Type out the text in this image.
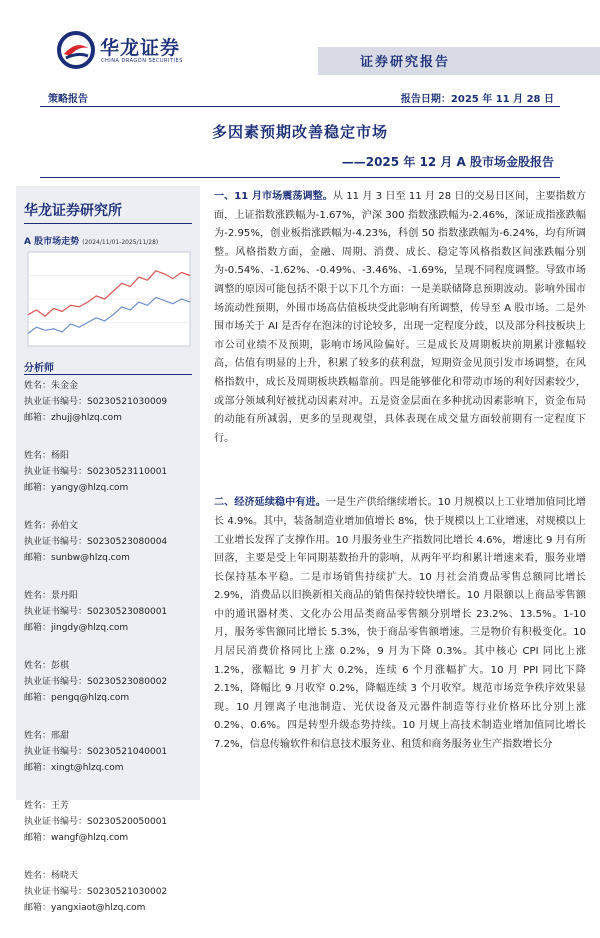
华龙证券
CHINA DRAGON SECURITIES	证券研究报告
策略报告	报告日期：2025 年 11 月 28 日
多因素预期改善稳定市场
——2025 年 12 月 A 股市场金股报告
华龙证券研究所
A 股市场走势 (2024/11/01-2025/11/28)
分析师
姓名：朱金金
执业证书编号：S0230521030009
邮箱：zhujj@hlzq.com
姓名：杨阳
执业证书编号：S0230523110001
邮箱：yangy@hlzq.com
姓名：孙伯文
执业证书编号：S0230523080004
邮箱：sunbw@hlzq.com
姓名：景丹阳
执业证书编号：S0230523080001
邮箱：jingdy@hlzq.com
姓名：彭棋
执业证书编号：S0230523080002
邮箱：pengq@hlzq.com
姓名：邢甜
执业证书编号：S0230521040001
邮箱：xingt@hlzq.com
姓名：王芳
执业证书编号：S0230520050001
邮箱：wangf@hlzq.com
姓名：杨晓天
执业证书编号：S0230521030002
邮箱：yangxiaot@hlzq.com

一、11 月市场震荡调整。从 11 月 3 日至 11 月 28 日的交易日区间，主要指数方面，上证指数涨跌幅为-1.67%，沪深 300 指数涨跌幅为-2.46%，深证成指涨跌幅为-2.95%，创业板指涨跌幅为-4.23%，科创 50 指数涨跌幅为-6.24%，均有所调整。风格指数方面，金融、周期、消费、成长、稳定等风格指数区间涨跌幅分别为-0.54%、-1.62%、-0.49%、-3.46%、-1.69%，呈现不同程度调整。导致市场调整的原因可能包括不限于以下几个方面：一是美联储降息预期波动。影响外围市场流动性预期，外围市场高估值板块受此影响有所调整，传导至 A 股市场。二是外围市场关于 AI 是否存在泡沫的讨论较多，出现一定程度分歧，以及部分科技板块上市公司业绩不及预期，影响市场风险偏好。三是成长及周期板块前期累计涨幅较高，估值有明显的上升，积累了较多的获利盘，短期资金见顶引发市场调整，在风格指数中，成长及周期板块跌幅靠前。四是能够催化和带动市场的利好因素较少，或部分领域利好被扰动因素对冲。五是资金层面在多种扰动因素影响下，资金布局的动能有所减弱，更多的呈现观望，具体表现在成交量方面较前期有一定程度下行。

二、经济延续稳中有进。一是生产供给继续增长。10 月规模以上工业增加值同比增长 4.9%。其中，装备制造业增加值增长 8%，快于规模以上工业增速，对规模以上工业增长发挥了支撑作用。10 月服务业生产指数同比增长 4.6%，增速比 9 月有所回落，主要是受上年同期基数抬升的影响，从两年平均和累计增速来看，服务业增长保持基本平稳。二是市场销售持续扩大。10 月社会消费品零售总额同比增长 2.9%，消费品以旧换新相关商品的销售保持较快增长。10 月限额以上商品零售额中的通讯器材类、文化办公用品类商品零售额分别增长 23.2%、13.5%。1-10 月，服务零售额同比增长 5.3%，快于商品零售额增速。三是物价有积极变化。10 月居民消费价格同比上涨 0.2%，9 月为下降 0.3%。其中核心 CPI 同比上涨 1.2%，涨幅比 9 月扩大 0.2%，连续 6 个月涨幅扩大。10 月 PPI 同比下降 2.1%，降幅比 9 月收窄 0.2%，降幅连续 3 个月收窄。规范市场竞争秩序效果显现。10 月锂离子电池制造、光伏设备及元器件制造等行业价格环比分别上涨 0.2%、0.6%。四是转型升级态势持续。10 月规上高技术制造业增加值同比增长 7.2%，信息传输软件和信息技术服务业、租赁和商务服务业生产指数增长分
